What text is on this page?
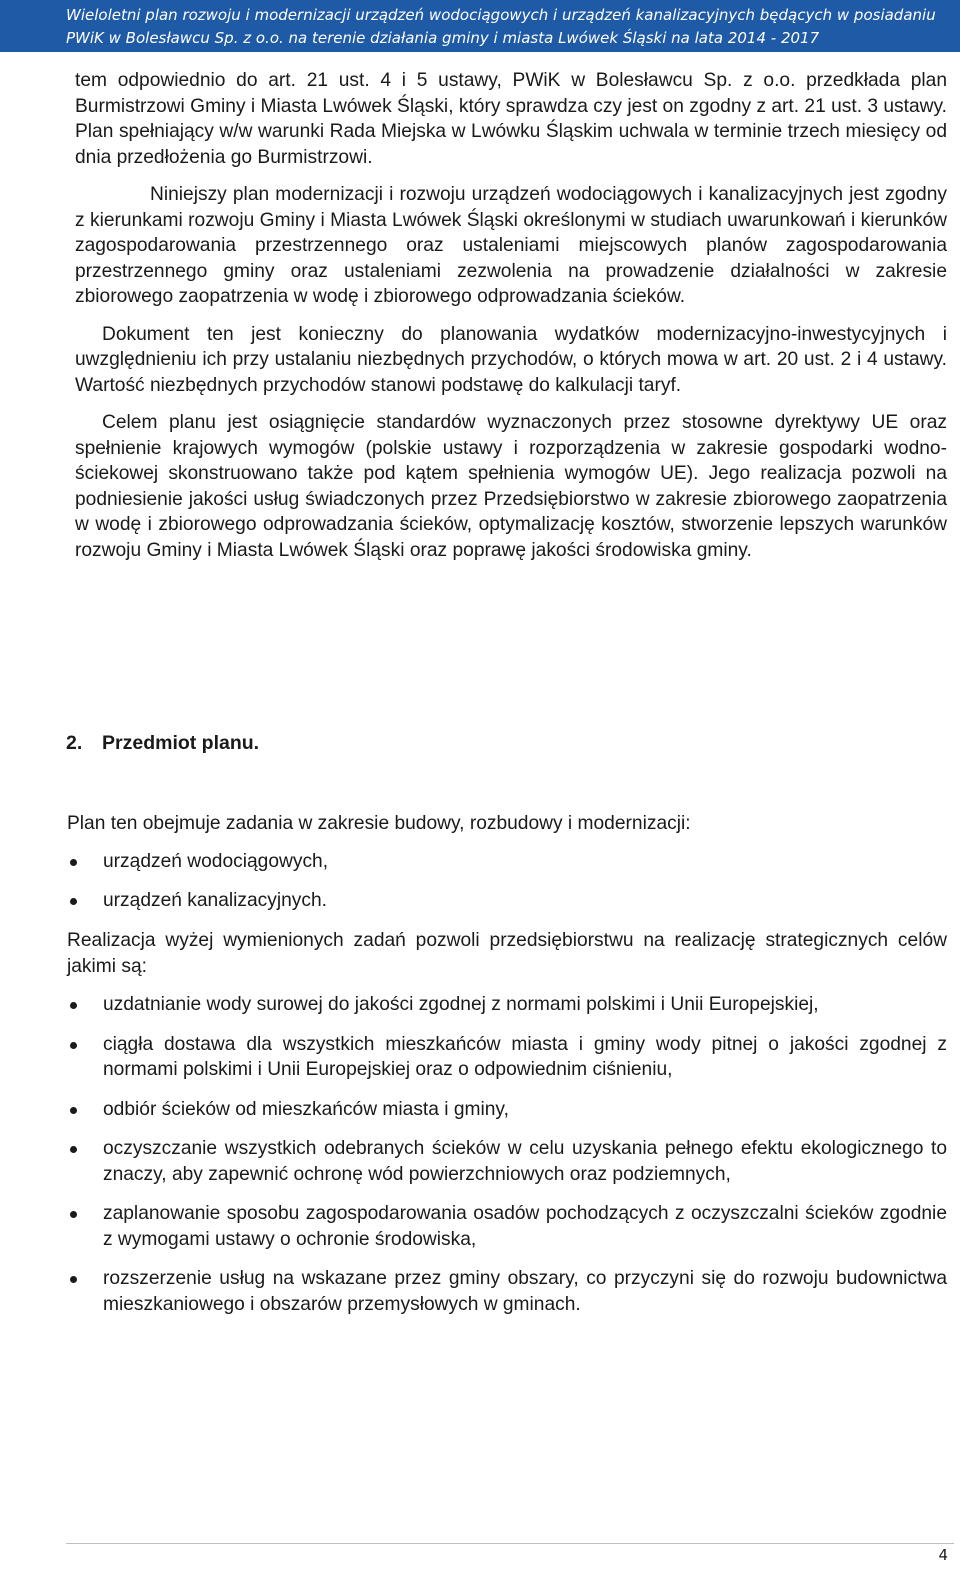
Wieloletni plan rozwoju i modernizacji urządzeń wodociągowych i urządzeń kanalizacyjnych będących w posiadaniu
PWiK w Bolesławcu Sp. z o.o. na terenie działania gminy i miasta Lwówek Śląski na lata 2014 - 2017

tem odpowiednio do art. 21 ust. 4 i 5 ustawy, PWiK w Bolesławcu Sp. z o.o. przedkłada plan Burmistrzowi Gminy i Miasta Lwówek Śląski, który sprawdza czy jest on zgodny z art. 21 ust. 3 ustawy. Plan spełniający w/w warunki Rada Miejska w Lwówku Śląskim uchwala w terminie trzech miesięcy od dnia przedłożenia go Burmistrzowi.

Niniejszy plan modernizacji i rozwoju urządzeń wodociągowych i kanalizacyjnych jest zgodny z kierunkami rozwoju Gminy i Miasta Lwówek Śląski określonymi w studiach uwarunkowań i kierunków zagospodarowania przestrzennego oraz ustaleniami miejscowych planów zagospodarowania przestrzennego gminy oraz ustaleniami zezwolenia na prowadzenie działalności w zakresie zbiorowego zaopatrzenia w wodę i zbiorowego odprowadzania ścieków.

Dokument ten jest konieczny do planowania wydatków modernizacyjno-inwestycyjnych i uwzględnieniu ich przy ustalaniu niezbędnych przychodów, o których mowa w art. 20 ust. 2 i 4 ustawy. Wartość niezbędnych przychodów stanowi podstawę do kalkulacji taryf.

Celem planu jest osiągnięcie standardów wyznaczonych przez stosowne dyrektywy UE oraz spełnienie krajowych wymogów (polskie ustawy i rozporządzenia w zakresie gospodarki wodno-ściekowej skonstruowano także pod kątem spełnienia wymogów UE). Jego realizacja pozwoli na podniesienie jakości usług świadczonych przez Przedsiębiorstwo w zakresie zbiorowego zaopatrzenia w wodę i zbiorowego odprowadzania ścieków, optymalizację kosztów, stworzenie lepszych warunków rozwoju Gminy i Miasta Lwówek Śląski oraz poprawę jakości środowiska gminy.

2. Przedmiot planu.
Plan ten obejmuje zadania w zakresie budowy, rozbudowy i modernizacji:
urządzeń wodociągowych,
urządzeń kanalizacyjnych.
Realizacja wyżej wymienionych zadań pozwoli przedsiębiorstwu na realizację strategicznych celów jakimi są:
uzdatnianie wody surowej do jakości zgodnej z normami polskimi i Unii Europejskiej,
ciągła dostawa dla wszystkich mieszkańców miasta i gminy wody pitnej o jakości zgodnej z normami polskimi i Unii Europejskiej oraz o odpowiednim ciśnieniu,
odbiór ścieków od mieszkańców miasta i gminy,
oczyszczanie wszystkich odebranych ścieków w celu uzyskania pełnego efektu ekologicznego to znaczy, aby zapewnić ochronę wód powierzchniowych oraz podziemnych,
zaplanowanie sposobu zagospodarowania osadów pochodzących z oczyszczalni ścieków zgodnie z wymogami ustawy o ochronie środowiska,
rozszerzenie usług na wskazane przez gminy obszary, co przyczyni się do rozwoju budownictwa mieszkaniowego i obszarów przemysłowych w gminach.
4
